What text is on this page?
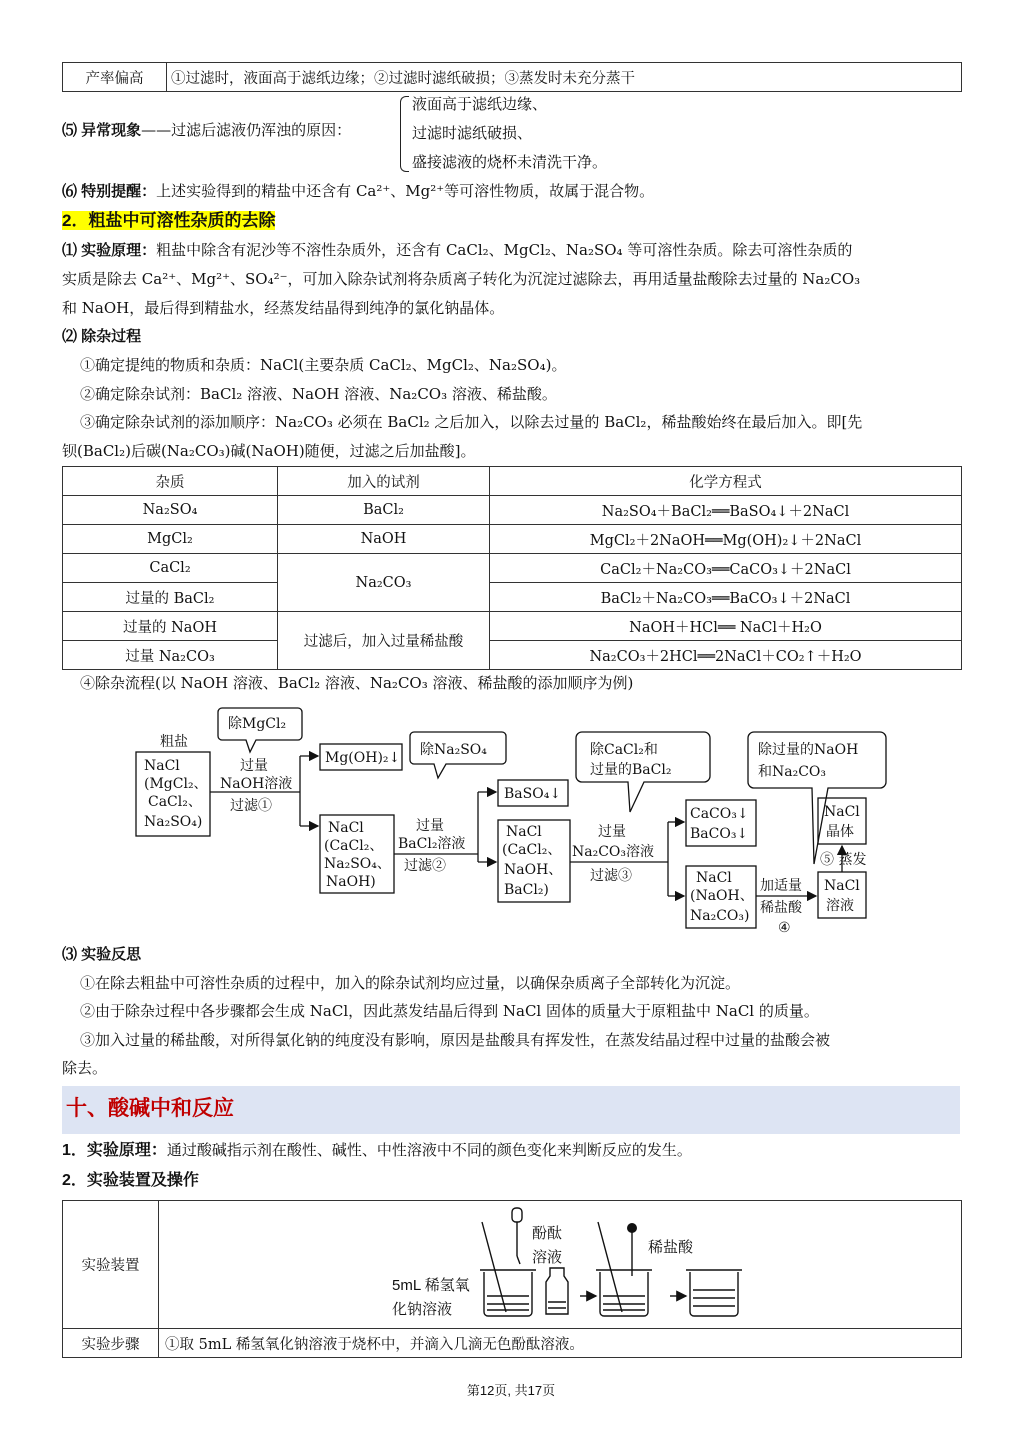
产率偏高	①过滤时，液面高于滤纸边缘；②过滤时滤纸破损；③蒸发时未充分蒸干
⑸ 异常现象——过滤后滤液仍浑浊的原因：
液面高于滤纸边缘、
过滤时滤纸破损、
盛接滤液的烧杯未清洗干净。
⑹ 特别提醒：上述实验得到的精盐中还含有 Ca²⁺、Mg²⁺等可溶性物质，故属于混合物。
2．粗盐中可溶性杂质的去除
⑴ 实验原理：粗盐中除含有泥沙等不溶性杂质外，还含有 CaCl₂、MgCl₂、Na₂SO₄ 等可溶性杂质。除去可溶性杂质的
实质是除去 Ca²⁺、Mg²⁺、SO₄²⁻，可加入除杂试剂将杂质离子转化为沉淀过滤除去，再用适量盐酸除去过量的 Na₂CO₃
和 NaOH，最后得到精盐水，经蒸发结晶得到纯净的氯化钠晶体。
⑵ 除杂过程
①确定提纯的物质和杂质：NaCl(主要杂质 CaCl₂、MgCl₂、Na₂SO₄)。
②确定除杂试剂：BaCl₂ 溶液、NaOH 溶液、Na₂CO₃ 溶液、稀盐酸。
③确定除杂试剂的添加顺序：Na₂CO₃ 必须在 BaCl₂ 之后加入，以除去过量的 BaCl₂，稀盐酸始终在最后加入。即[先
钡(BaCl₂)后碳(Na₂CO₃)碱(NaOH)随便，过滤之后加盐酸]。
杂质	加入的试剂	化学方程式
Na₂SO₄	BaCl₂	Na₂SO₄＋BaCl₂══BaSO₄↓＋2NaCl
MgCl₂	NaOH	MgCl₂＋2NaOH══Mg(OH)₂↓＋2NaCl
CaCl₂	Na₂CO₃	CaCl₂＋Na₂CO₃══CaCO₃↓＋2NaCl
过量的 BaCl₂		BaCl₂＋Na₂CO₃══BaCO₃↓＋2NaCl
过量的 NaOH	过滤后，加入过量稀盐酸	NaOH＋HCl══ NaCl＋H₂O
过量 Na₂CO₃		Na₂CO₃＋2HCl══2NaCl＋CO₂↑＋H₂O
④除杂流程(以 NaOH 溶液、BaCl₂ 溶液、Na₂CO₃ 溶液、稀盐酸的添加顺序为例)
粗盐
NaCl
(MgCl₂、
CaCl₂、
Na₂SO₄)
除MgCl₂
过量
NaOH溶液
过滤①
Mg(OH)₂↓
NaCl
(CaCl₂、
Na₂SO₄、
NaOH)
除Na₂SO₄
过量
BaCl₂溶液
过滤②
BaSO₄↓
NaCl
(CaCl₂、
NaOH、
BaCl₂)
除CaCl₂和
过量的BaCl₂
过量
Na₂CO₃溶液
过滤③
CaCO₃↓
BaCO₃↓
NaCl
(NaOH、
Na₂CO₃)
除过量的NaOH
和Na₂CO₃
加适量
稀盐酸
④
NaCl
溶液
⑤ 蒸发
NaCl
晶体
⑶ 实验反思
①在除去粗盐中可溶性杂质的过程中，加入的除杂试剂均应过量，以确保杂质离子全部转化为沉淀。
②由于除杂过程中各步骤都会生成 NaCl，因此蒸发结晶后得到 NaCl 固体的质量大于原粗盐中 NaCl 的质量。
③加入过量的稀盐酸，对所得氯化钠的纯度没有影响，原因是盐酸具有挥发性，在蒸发结晶过程中过量的盐酸会被
除去。
十、酸碱中和反应
1．实验原理：通过酸碱指示剂在酸性、碱性、中性溶液中不同的颜色变化来判断反应的发生。
2．实验装置及操作
实验装置	
实验步骤	①取 5mL 稀氢氧化钠溶液于烧杯中，并滴入几滴无色酚酞溶液。
酚酞
溶液
稀盐酸
5mL 稀氢氧
化钠溶液
第12页, 共17页
